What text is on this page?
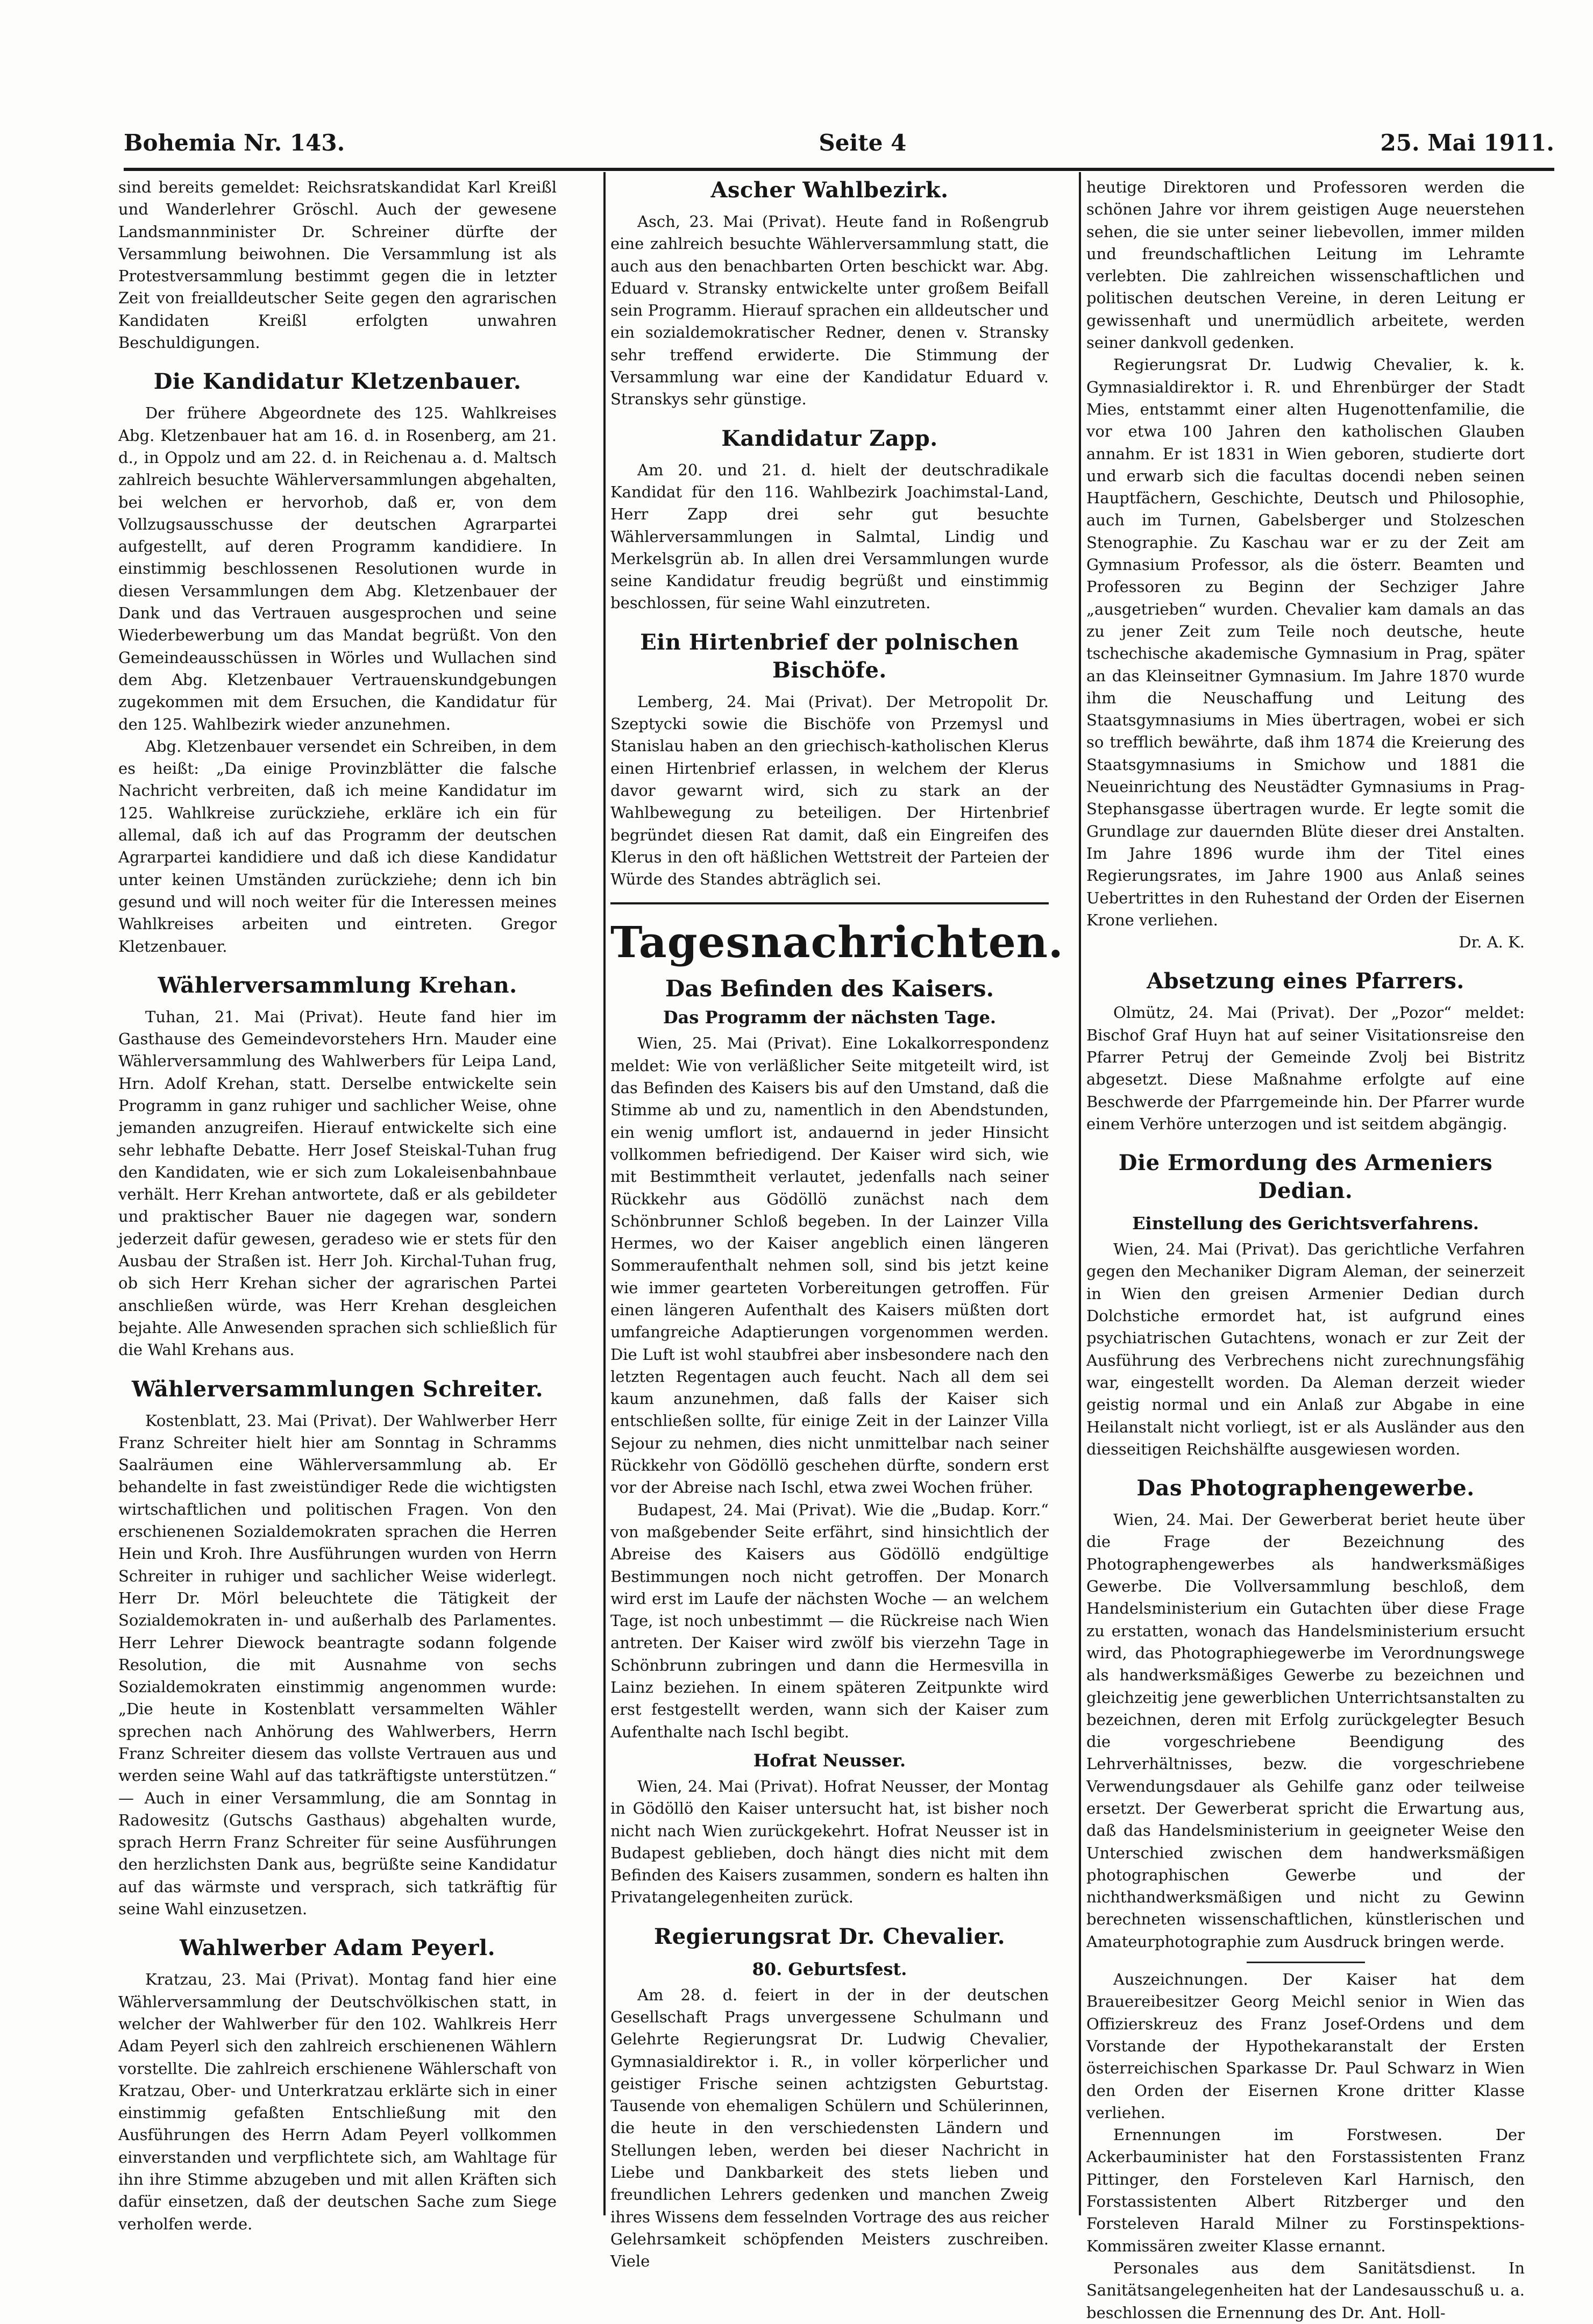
Bohemia Nr. 143.	Seite 4	25. Mai 1911.

sind bereits gemeldet: Reichsratskandidat Karl Kreißl und Wanderlehrer Gröschl. Auch der gewesene Landsmannminister Dr. Schreiner dürfte der Versammlung beiwohnen. Die Versammlung ist als Protestversammlung bestimmt gegen die in letzter Zeit von freialldeutscher Seite gegen den agrarischen Kandidaten Kreißl erfolgten unwahren Beschuldigungen.

Die Kandidatur Kletzenbauer.

Der frühere Abgeordnete des 125. Wahlkreises Abg. Kletzenbauer hat am 16. d. in Rosenberg, am 21. d., in Oppolz und am 22. d. in Reichenau a. d. Maltsch zahlreich besuchte Wählerversammlungen abgehalten, bei welchen er hervorhob, daß er, von dem Vollzugsausschusse der deutschen Agrarpartei aufgestellt, auf deren Programm kandidiere. In einstimmig beschlossenen Resolutionen wurde in diesen Versammlungen dem Abg. Kletzenbauer der Dank und das Vertrauen ausgesprochen und seine Wiederbewerbung um das Mandat begrüßt. Von den Gemeindeausschüssen in Wörles und Wullachen sind dem Abg. Kletzenbauer Vertrauenskundgebungen zugekommen mit dem Ersuchen, die Kandidatur für den 125. Wahlbezirk wieder anzunehmen.

Abg. Kletzenbauer versendet ein Schreiben, in dem es heißt: „Da einige Provinzblätter die falsche Nachricht verbreiten, daß ich meine Kandidatur im 125. Wahlkreise zurückziehe, erkläre ich ein für allemal, daß ich auf das Programm der deutschen Agrarpartei kandidiere und daß ich diese Kandidatur unter keinen Umständen zurückziehe; denn ich bin gesund und will noch weiter für die Interessen meines Wahlkreises arbeiten und eintreten. Gregor Kletzenbauer.

Wählerversammlung Krehan.

Tuhan, 21. Mai (Privat). Heute fand hier im Gasthause des Gemeindevorstehers Hrn. Mauder eine Wählerversammlung des Wahlwerbers für Leipa Land, Hrn. Adolf Krehan, statt. Derselbe entwickelte sein Programm in ganz ruhiger und sachlicher Weise, ohne jemanden anzugreifen. Hierauf entwickelte sich eine sehr lebhafte Debatte. Herr Josef Steiskal-Tuhan frug den Kandidaten, wie er sich zum Lokaleisenbahnbaue verhält. Herr Krehan antwortete, daß er als gebildeter und praktischer Bauer nie dagegen war, sondern jederzeit dafür gewesen, geradeso wie er stets für den Ausbau der Straßen ist. Herr Joh. Kirchal-Tuhan frug, ob sich Herr Krehan sicher der agrarischen Partei anschließen würde, was Herr Krehan desgleichen bejahte. Alle Anwesenden sprachen sich schließlich für die Wahl Krehans aus.

Wählerversammlungen Schreiter.

Kostenblatt, 23. Mai (Privat). Der Wahlwerber Herr Franz Schreiter hielt hier am Sonntag in Schramms Saalräumen eine Wählerversammlung ab. Er behandelte in fast zweistündiger Rede die wichtigsten wirtschaftlichen und politischen Fragen. Von den erschienenen Sozialdemokraten sprachen die Herren Hein und Kroh. Ihre Ausführungen wurden von Herrn Schreiter in ruhiger und sachlicher Weise widerlegt. Herr Dr. Mörl beleuchtete die Tätigkeit der Sozialdemokraten in- und außerhalb des Parlamentes. Herr Lehrer Diewock beantragte sodann folgende Resolution, die mit Ausnahme von sechs Sozialdemokraten einstimmig angenommen wurde: „Die heute in Kostenblatt versammelten Wähler sprechen nach Anhörung des Wahlwerbers, Herrn Franz Schreiter diesem das vollste Vertrauen aus und werden seine Wahl auf das tatkräftigste unterstützen.“ — Auch in einer Versammlung, die am Sonntag in Radowesitz (Gutschs Gasthaus) abgehalten wurde, sprach Herrn Franz Schreiter für seine Ausführungen den herzlichsten Dank aus, begrüßte seine Kandidatur auf das wärmste und versprach, sich tatkräftig für seine Wahl einzusetzen.

Wahlwerber Adam Peyerl.

Kratzau, 23. Mai (Privat). Montag fand hier eine Wählerversammlung der Deutschvölkischen statt, in welcher der Wahlwerber für den 102. Wahlkreis Herr Adam Peyerl sich den zahlreich erschienenen Wählern vorstellte. Die zahlreich erschienene Wählerschaft von Kratzau, Ober- und Unterkratzau erklärte sich in einer einstimmig gefaßten Entschließung mit den Ausführungen des Herrn Adam Peyerl vollkommen einverstanden und verpflichtete sich, am Wahltage für ihn ihre Stimme abzugeben und mit allen Kräften sich dafür einsetzen, daß der deutschen Sache zum Siege verholfen werde.

Ascher Wahlbezirk.

Asch, 23. Mai (Privat). Heute fand in Roßengrub eine zahlreich besuchte Wählerversammlung statt, die auch aus den benachbarten Orten beschickt war. Abg. Eduard v. Stransky entwickelte unter großem Beifall sein Programm. Hierauf sprachen ein alldeutscher und ein sozialdemokratischer Redner, denen v. Stransky sehr treffend erwiderte. Die Stimmung der Versammlung war eine der Kandidatur Eduard v. Stranskys sehr günstige.

Kandidatur Zapp.

Am 20. und 21. d. hielt der deutschradikale Kandidat für den 116. Wahlbezirk Joachimstal-Land, Herr Zapp drei sehr gut besuchte Wählerversammlungen in Salmtal, Lindig und Merkelsgrün ab. In allen drei Versammlungen wurde seine Kandidatur freudig begrüßt und einstimmig beschlossen, für seine Wahl einzutreten.

Ein Hirtenbrief der polnischen Bischöfe.

Lemberg, 24. Mai (Privat). Der Metropolit Dr. Szeptycki sowie die Bischöfe von Przemysl und Stanislau haben an den griechisch-katholischen Klerus einen Hirtenbrief erlassen, in welchem der Klerus davor gewarnt wird, sich zu stark an der Wahlbewegung zu beteiligen. Der Hirtenbrief begründet diesen Rat damit, daß ein Eingreifen des Klerus in den oft häßlichen Wettstreit der Parteien der Würde des Standes abträglich sei.

Tagesnachrichten.
Das Befinden des Kaisers.
Das Programm der nächsten Tage.

Wien, 25. Mai (Privat). Eine Lokalkorrespondenz meldet: Wie von verläßlicher Seite mitgeteilt wird, ist das Befinden des Kaisers bis auf den Umstand, daß die Stimme ab und zu, namentlich in den Abendstunden, ein wenig umflort ist, andauernd in jeder Hinsicht vollkommen befriedigend. Der Kaiser wird sich, wie mit Bestimmtheit verlautet, jedenfalls nach seiner Rückkehr aus Gödöllö zunächst nach dem Schönbrunner Schloß begeben. In der Lainzer Villa Hermes, wo der Kaiser angeblich einen längeren Sommeraufenthalt nehmen soll, sind bis jetzt keine wie immer gearteten Vorbereitungen getroffen. Für einen längeren Aufenthalt des Kaisers müßten dort umfangreiche Adaptierungen vorgenommen werden. Die Luft ist wohl staubfrei aber insbesondere nach den letzten Regentagen auch feucht. Nach all dem sei kaum anzunehmen, daß falls der Kaiser sich entschließen sollte, für einige Zeit in der Lainzer Villa Sejour zu nehmen, dies nicht unmittelbar nach seiner Rückkehr von Gödöllö geschehen dürfte, sondern erst vor der Abreise nach Ischl, etwa zwei Wochen früher.

Budapest, 24. Mai (Privat). Wie die „Budap. Korr.“ von maßgebender Seite erfährt, sind hinsichtlich der Abreise des Kaisers aus Gödöllö endgültige Bestimmungen noch nicht getroffen. Der Monarch wird erst im Laufe der nächsten Woche — an welchem Tage, ist noch unbestimmt — die Rückreise nach Wien antreten. Der Kaiser wird zwölf bis vierzehn Tage in Schönbrunn zubringen und dann die Hermesvilla in Lainz beziehen. In einem späteren Zeitpunkte wird erst festgestellt werden, wann sich der Kaiser zum Aufenthalte nach Ischl begibt.

Hofrat Neusser.

Wien, 24. Mai (Privat). Hofrat Neusser, der Montag in Gödöllö den Kaiser untersucht hat, ist bisher noch nicht nach Wien zurückgekehrt. Hofrat Neusser ist in Budapest geblieben, doch hängt dies nicht mit dem Befinden des Kaisers zusammen, sondern es halten ihn Privatangelegenheiten zurück.

Regierungsrat Dr. Chevalier.
80. Geburtsfest.

Am 28. d. feiert in der in der deutschen Gesellschaft Prags unvergessene Schulmann und Gelehrte Regierungsrat Dr. Ludwig Chevalier, Gymnasialdirektor i. R., in voller körperlicher und geistiger Frische seinen achtzigsten Geburtstag. Tausende von ehemaligen Schülern und Schülerinnen, die heute in den verschiedensten Ländern und Stellungen leben, werden bei dieser Nachricht in Liebe und Dankbarkeit des stets lieben und freundlichen Lehrers gedenken und manchen Zweig ihres Wissens dem fesselnden Vortrage des aus reicher Gelehrsamkeit schöpfenden Meisters zuschreiben. Viele

heutige Direktoren und Professoren werden die schönen Jahre vor ihrem geistigen Auge neuerstehen sehen, die sie unter seiner liebevollen, immer milden und freundschaftlichen Leitung im Lehramte verlebten. Die zahlreichen wissenschaftlichen und politischen deutschen Vereine, in deren Leitung er gewissenhaft und unermüdlich arbeitete, werden seiner dankvoll gedenken.

Regierungsrat Dr. Ludwig Chevalier, k. k. Gymnasialdirektor i. R. und Ehrenbürger der Stadt Mies, entstammt einer alten Hugenottenfamilie, die vor etwa 100 Jahren den katholischen Glauben annahm. Er ist 1831 in Wien geboren, studierte dort und erwarb sich die facultas docendi neben seinen Hauptfächern, Geschichte, Deutsch und Philosophie, auch im Turnen, Gabelsberger und Stolzeschen Stenographie. Zu Kaschau war er zu der Zeit am Gymnasium Professor, als die österr. Beamten und Professoren zu Beginn der Sechziger Jahre „ausgetrieben“ wurden. Chevalier kam damals an das zu jener Zeit zum Teile noch deutsche, heute tschechische akademische Gymnasium in Prag, später an das Kleinseitner Gymnasium. Im Jahre 1870 wurde ihm die Neuschaffung und Leitung des Staatsgymnasiums in Mies übertragen, wobei er sich so trefflich bewährte, daß ihm 1874 die Kreierung des Staatsgymnasiums in Smichow und 1881 die Neueinrichtung des Neustädter Gymnasiums in Prag-Stephansgasse übertragen wurde. Er legte somit die Grundlage zur dauernden Blüte dieser drei Anstalten. Im Jahre 1896 wurde ihm der Titel eines Regierungsrates, im Jahre 1900 aus Anlaß seines Uebertrittes in den Ruhestand der Orden der Eisernen Krone verliehen.

Dr. A. K.

Absetzung eines Pfarrers.

Olmütz, 24. Mai (Privat). Der „Pozor“ meldet: Bischof Graf Huyn hat auf seiner Visitationsreise den Pfarrer Petruj der Gemeinde Zvolj bei Bistritz abgesetzt. Diese Maßnahme erfolgte auf eine Beschwerde der Pfarrgemeinde hin. Der Pfarrer wurde einem Verhöre unterzogen und ist seitdem abgängig.

Die Ermordung des Armeniers Dedian.
Einstellung des Gerichtsverfahrens.

Wien, 24. Mai (Privat). Das gerichtliche Verfahren gegen den Mechaniker Digram Aleman, der seinerzeit in Wien den greisen Armenier Dedian durch Dolchstiche ermordet hat, ist aufgrund eines psychiatrischen Gutachtens, wonach er zur Zeit der Ausführung des Verbrechens nicht zurechnungsfähig war, eingestellt worden. Da Aleman derzeit wieder geistig normal und ein Anlaß zur Abgabe in eine Heilanstalt nicht vorliegt, ist er als Ausländer aus den diesseitigen Reichshälfte ausgewiesen worden.

Das Photographengewerbe.

Wien, 24. Mai. Der Gewerberat beriet heute über die Frage der Bezeichnung des Photographengewerbes als handwerksmäßiges Gewerbe. Die Vollversammlung beschloß, dem Handelsministerium ein Gutachten über diese Frage zu erstatten, wonach das Handelsministerium ersucht wird, das Photographiegewerbe im Verordnungswege als handwerksmäßiges Gewerbe zu bezeichnen und gleichzeitig jene gewerblichen Unterrichtsanstalten zu bezeichnen, deren mit Erfolg zurückgelegter Besuch die vorgeschriebene Beendigung des Lehrverhältnisses, bezw. die vorgeschriebene Verwendungsdauer als Gehilfe ganz oder teilweise ersetzt. Der Gewerberat spricht die Erwartung aus, daß das Handelsministerium in geeigneter Weise den Unterschied zwischen dem handwerksmäßigen photographischen Gewerbe und der nichthandwerksmäßigen und nicht zu Gewinn berechneten wissenschaftlichen, künstlerischen und Amateurphotographie zum Ausdruck bringen werde.

Auszeichnungen. Der Kaiser hat dem Brauereibesitzer Georg Meichl senior in Wien das Offizierskreuz des Franz Josef-Ordens und dem Vorstande der Hypothekaranstalt der Ersten österreichischen Sparkasse Dr. Paul Schwarz in Wien den Orden der Eisernen Krone dritter Klasse verliehen.

Ernennungen im Forstwesen. Der Ackerbauminister hat den Forstassistenten Franz Pittinger, den Forsteleven Karl Harnisch, den Forstassistenten Albert Ritzberger und den Forsteleven Harald Milner zu Forstinspektions-Kommissären zweiter Klasse ernannt.

Personales aus dem Sanitätsdienst. In Sanitätsangelegenheiten hat der Landesausschuß u. a. beschlossen die Ernennung des Dr. Ant. Holl-
